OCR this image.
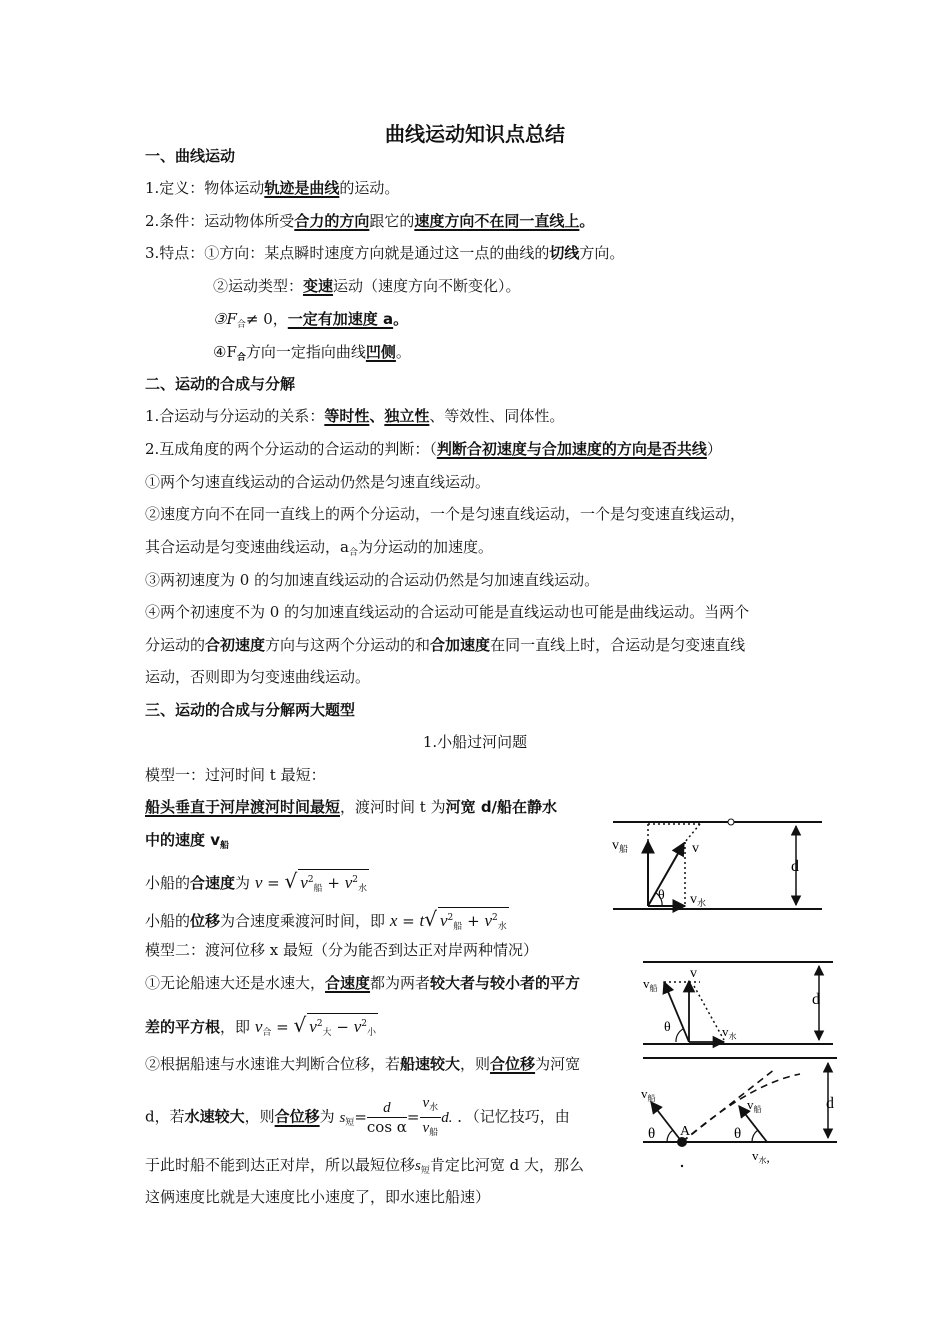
曲线运动知识点总结
一、曲线运动
1.定义：物体运动轨迹是曲线的运动。
2.条件：运动物体所受合力的方向跟它的速度方向不在同一直线上。
3.特点：①方向：某点瞬时速度方向就是通过这一点的曲线的切线方向。
②运动类型：变速运动（速度方向不断变化）。
$③F_合\ne 0$，一定有加速度 a。
$④F_合$方向一定指向曲线凹侧。
二、运动的合成与分解
1.合运动与分运动的关系：等时性、独立性、等效性、同体性。
2.互成角度的两个分运动的合运动的判断：（判断合初速度与合加速度的方向是否共线）
①两个匀速直线运动的合运动仍然是匀速直线运动。
②速度方向不在同一直线上的两个分运动，一个是匀速直线运动，一个是匀变速直线运动，
其合运动是匀变速曲线运动，$a_合$为分运动的加速度。
③两初速度为 0 的匀加速直线运动的合运动仍然是匀加速直线运动。
④两个初速度不为 0 的匀加速直线运动的合运动可能是直线运动也可能是曲线运动。当两个
分运动的合初速度方向与这两个分运动的和合加速度在同一直线上时，合运动是匀变速直线
运动，否则即为匀变速曲线运动。
三、运动的合成与分解两大题型
1.小船过河问题
模型一：过河时间 t 最短：
船头垂直于河岸渡河时间最短，渡河时间 t 为河宽 d/船在静水
中的速度 $v_船$
小船的合速度为 v = √ $v^2_船 + v^2_水$
小船的位移为合速度乘渡河时间，即 x = t√ $v^2_船 + v^2_水$
模型二：渡河位移 x 最短（分为能否到达正对岸两种情况）
①无论船速大还是水速大，合速度都为两者较大者与较小者的平方
差的平方根，即 $v_合$ = √ $v^2_大 - v^2_小$
②根据船速与水速谁大判断合位移，若船速较大，则合位移为河宽
d，若水速较大，则合位移为 $s_短= \frac{d}{\text{cos α}} = \frac{v_水}{v_船} d$. ．（记忆技巧，由
于此时船不能到达正对岸，所以最短位移$s_短$肯定比河宽 d 大，那么
这俩速度比就是大速度比小速度了，即水速比船速）
$v_船$	v
θ $v_水$
d
$v_船$
v
θ	$v_水$
d
$v_船$
θ A	θ
$v_船$
$v_水$,
d
